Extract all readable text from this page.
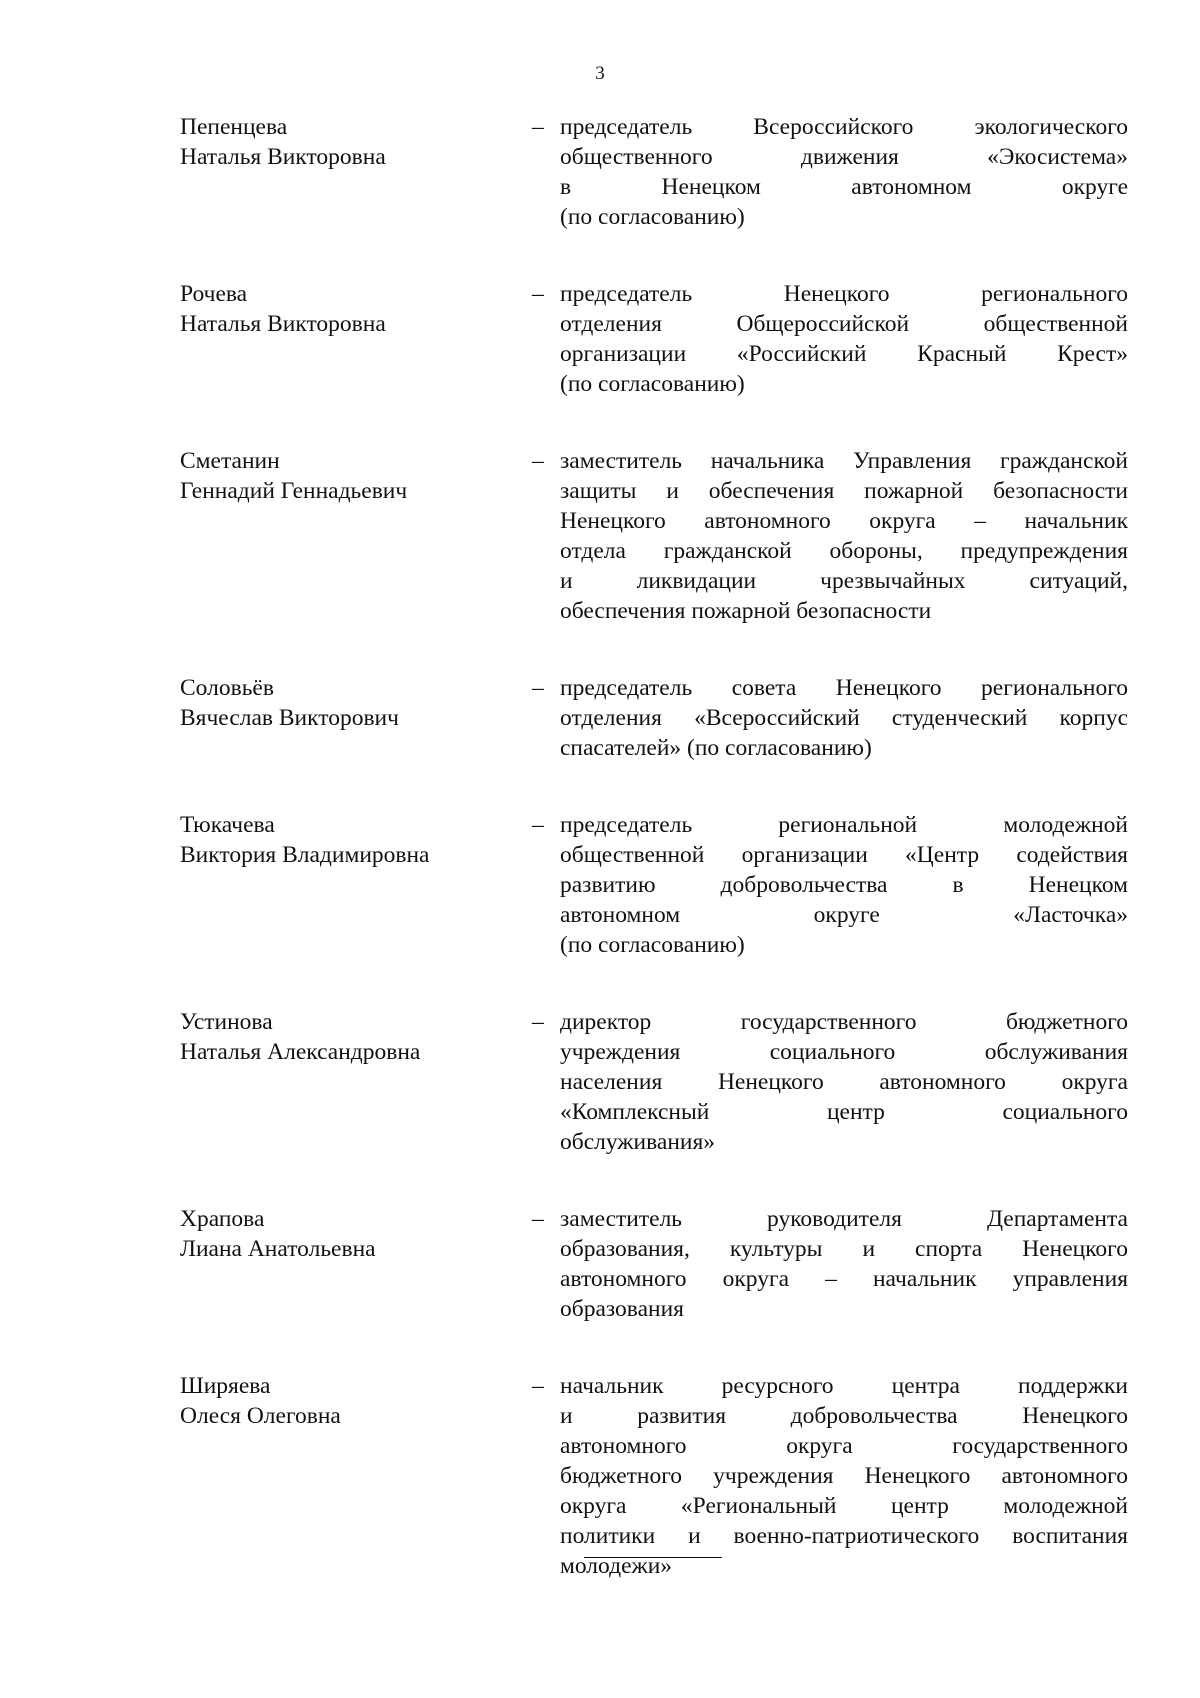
3
Пепенцева
Наталья Викторовна
– председатель Всероссийского экологического
общественного движения «Экосистема»
в Ненецком автономном округе
(по согласованию)
Рочева
Наталья Викторовна
– председатель Ненецкого регионального
отделения Общероссийской общественной
организации «Российский Красный Крест»
(по согласованию)
Сметанин
Геннадий Геннадьевич
– заместитель начальника Управления гражданской
защиты и обеспечения пожарной безопасности
Ненецкого автономного округа – начальник
отдела гражданской обороны, предупреждения
и ликвидации чрезвычайных ситуаций,
обеспечения пожарной безопасности
Соловьёв
Вячеслав Викторович
– председатель совета Ненецкого регионального
отделения «Всероссийский студенческий корпус
спасателей» (по согласованию)
Тюкачева
Виктория Владимировна
– председатель региональной молодежной
общественной организации «Центр содействия
развитию добровольчества в Ненецком
автономном округе «Ласточка»
(по согласованию)
Устинова
Наталья Александровна
– директор государственного бюджетного
учреждения социального обслуживания
населения Ненецкого автономного округа
«Комплексный центр социального
обслуживания»
Храпова
Лиана Анатольевна
– заместитель руководителя Департамента
образования, культуры и спорта Ненецкого
автономного округа – начальник управления
образования
Ширяева
Олеся Олеговна
– начальник ресурсного центра поддержки
и развития добровольчества Ненецкого
автономного округа государственного
бюджетного учреждения Ненецкого автономного
округа «Региональный центр молодежной
политики и военно-патриотического воспитания
молодежи»
